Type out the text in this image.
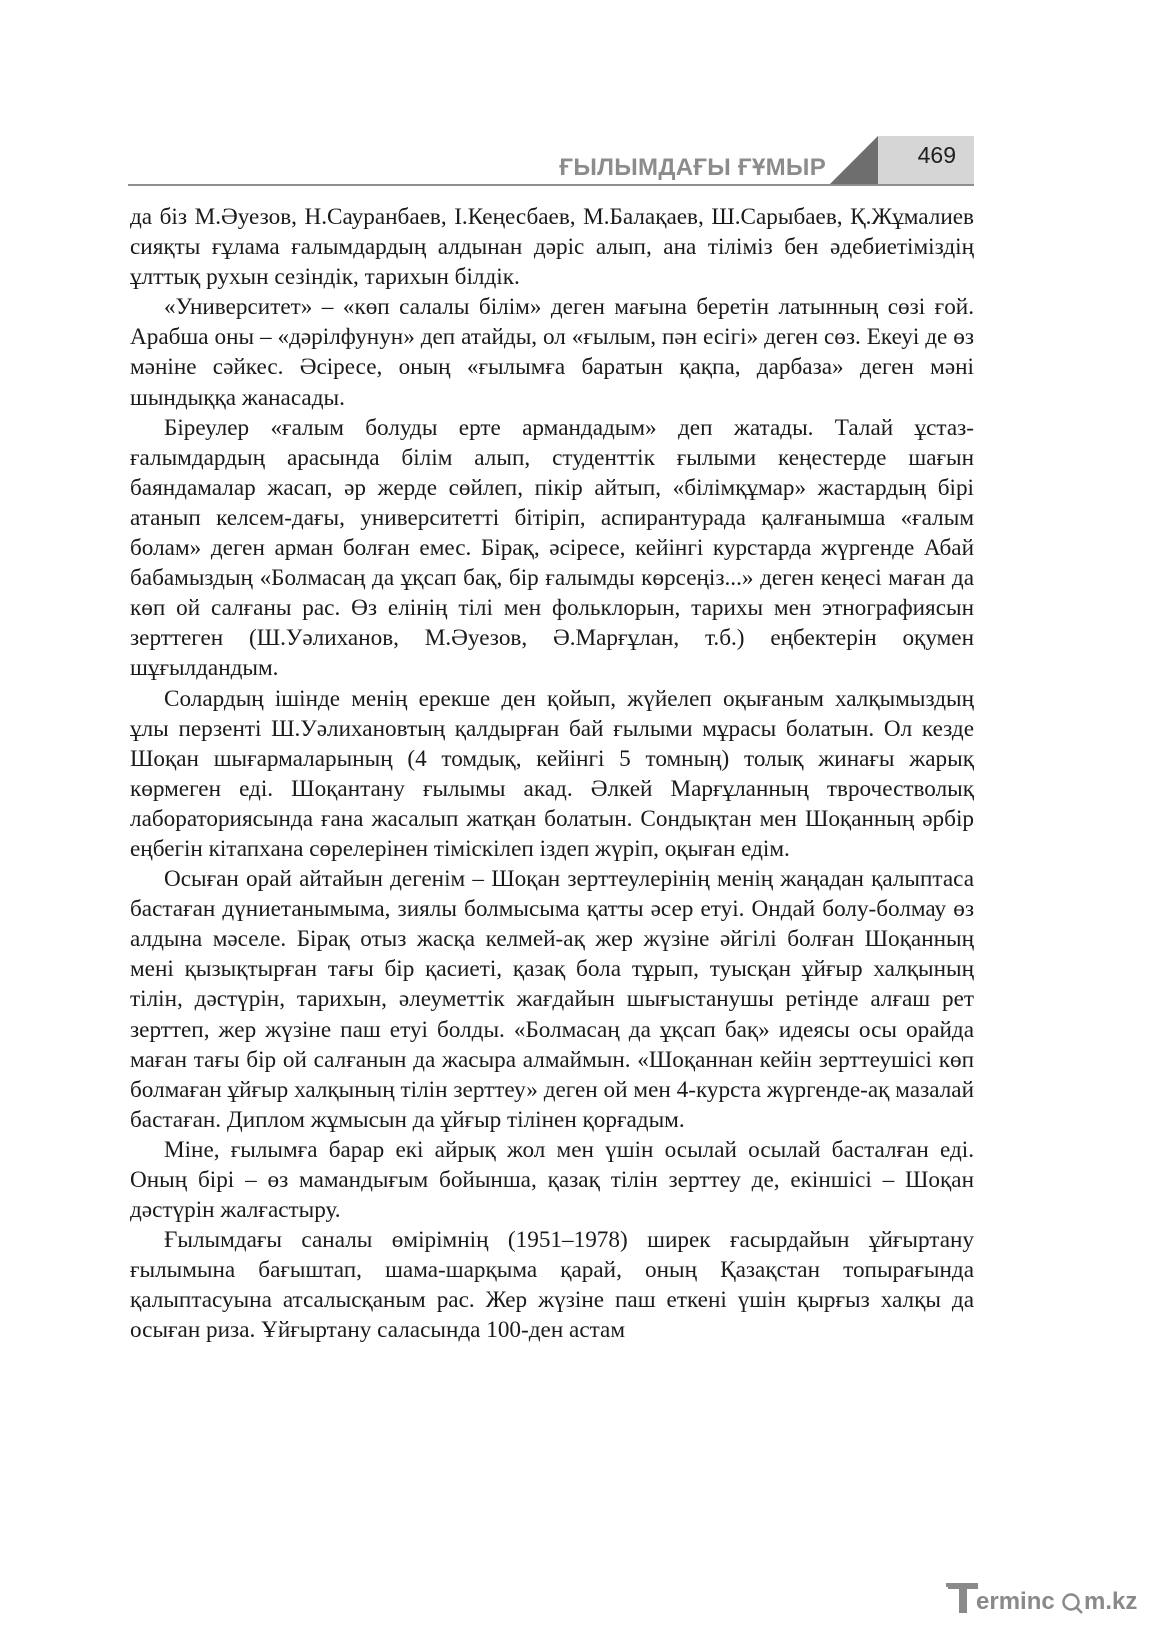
ҒЫЛЫМДАҒЫ ҒҰМЫР	469

да біз М.Әуезов, Н.Сауранбаев, І.Кеңесбаев, М.Балақаев, Ш.Сарыбаев, Қ.Жұмалиев сияқты ғұлама ғалымдардың алдынан дәріс алып, ана тіліміз бен әдебиетіміздің ұлттық рухын сезіндік, тарихын білдік.

«Университет» – «көп салалы білім» деген мағына беретін латынның сөзі ғой. Арабша оны – «дәрілфунун» деп атайды, ол «ғылым, пән есігі» деген сөз. Екеуі де өз мәніне сәйкес. Әсіресе, оның «ғылымға баратын қақпа, дарбаза» деген мәні шындыққа жанасады.

Біреулер «ғалым болуды ерте армандадым» деп жатады. Талай ұстаз-ғалымдардың арасында білім алып, студенттік ғылыми кеңестерде шағын баяндамалар жасап, әр жерде сөйлеп, пікір айтып, «білімқұмар» жастардың бірі атанып келсем-дағы, университетті бітіріп, аспирантурада қалғанымша «ғалым болам» деген арман болған емес. Бірақ, әсіресе, кейінгі курстарда жүргенде Абай бабамыздың «Болмасаң да ұқсап бақ, бір ғалымды көрсеңіз...» деген кеңесі маған да көп ой салғаны рас. Өз елінің тілі мен фольклорын, тарихы мен этнографиясын зерттеген (Ш.Уәлиханов, М.Әуезов, Ә.Марғұлан, т.б.) еңбектерін оқумен шұғылдандым.

Солардың ішінде менің ерекше ден қойып, жүйелеп оқығаным халқымыздың ұлы перзенті Ш.Уәлихановтың қалдырған бай ғылыми мұрасы болатын. Ол кезде Шоқан шығармаларының (4 томдық, кейінгі 5 томның) толық жинағы жарық көрмеген еді. Шоқантану ғылымы акад. Әлкей Марғұланның тврочестволық лабораториясында ғана жасалып жатқан болатын. Сондықтан мен Шоқанның әрбір еңбегін кітапхана сөрелерінен тіміскілеп іздеп жүріп, оқыған едім.

Осыған орай айтайын дегенім – Шоқан зерттеулерінің менің жаңадан қалыптаса бастаған дүниетанымыма, зиялы болмысыма қатты әсер етуі. Ондай болу-болмау өз алдына мәселе. Бірақ отыз жасқа келмей-ақ жер жүзіне әйгілі болған Шоқанның мені қызықтырған тағы бір қасиеті, қазақ бола тұрып, туысқан ұйғыр халқының тілін, дәстүрін, тарихын, әлеуметтік жағдайын шығыстанушы ретінде алғаш рет зерттеп, жер жүзіне паш етуі болды. «Болмасаң да ұқсап бақ» идеясы осы орайда маған тағы бір ой салғанын да жасыра алмаймын. «Шоқаннан кейін зерттеушісі көп болмаған ұйғыр халқының тілін зерттеу» деген ой мен 4-курста жүргенде-ақ мазалай бастаған. Диплом жұмысын да ұйғыр тілінен қорғадым.

Міне, ғылымға барар екі айрық жол мен үшін осылай осылай басталған еді. Оның бірі – өз мамандығым бойынша, қазақ тілін зерттеу де, екіншісі – Шоқан дәстүрін жалғастыру.

Ғылымдағы саналы өмірімнің (1951–1978) ширек ғасырдайын ұйғыртану ғылымына бағыштап, шама-шарқыма қарай, оның Қазақстан топырағында қалыптасуына атсалысқаным рас. Жер жүзіне паш еткені үшін қырғыз халқы да осыған риза. Ұйғыртану саласында 100-ден астам

erminc m.kz
